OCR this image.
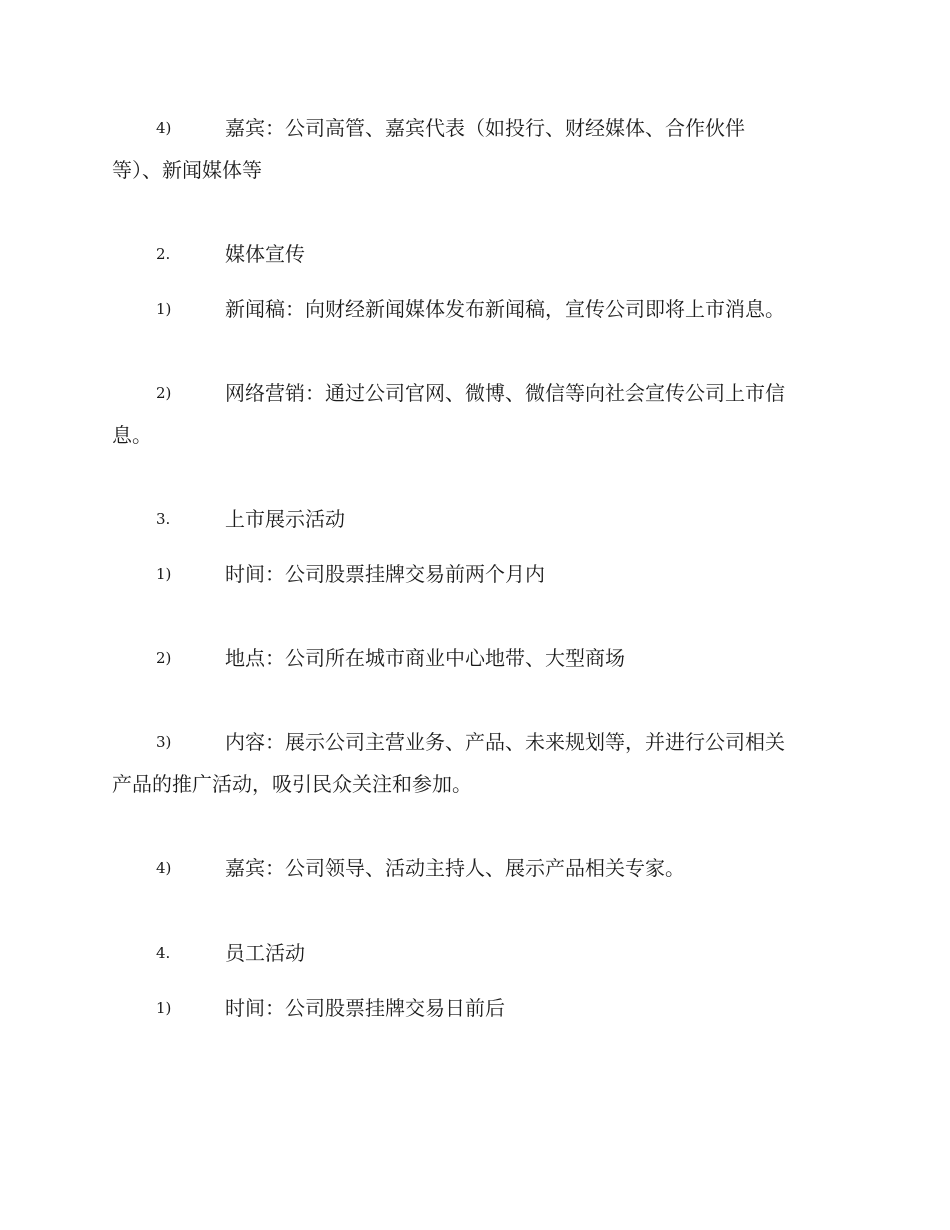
4)	嘉宾：公司高管、嘉宾代表（如投行、财经媒体、合作伙伴
等）、新闻媒体等
2.	媒体宣传
1)	新闻稿：向财经新闻媒体发布新闻稿，宣传公司即将上市消息。
2)	网络营销：通过公司官网、微博、微信等向社会宣传公司上市信
息。
3.	上市展示活动
1)	时间：公司股票挂牌交易前两个月内
2)	地点：公司所在城市商业中心地带、大型商场
3)	内容：展示公司主营业务、产品、未来规划等，并进行公司相关
产品的推广活动，吸引民众关注和参加。
4)	嘉宾：公司领导、活动主持人、展示产品相关专家。
4.	员工活动
1)	时间：公司股票挂牌交易日前后
